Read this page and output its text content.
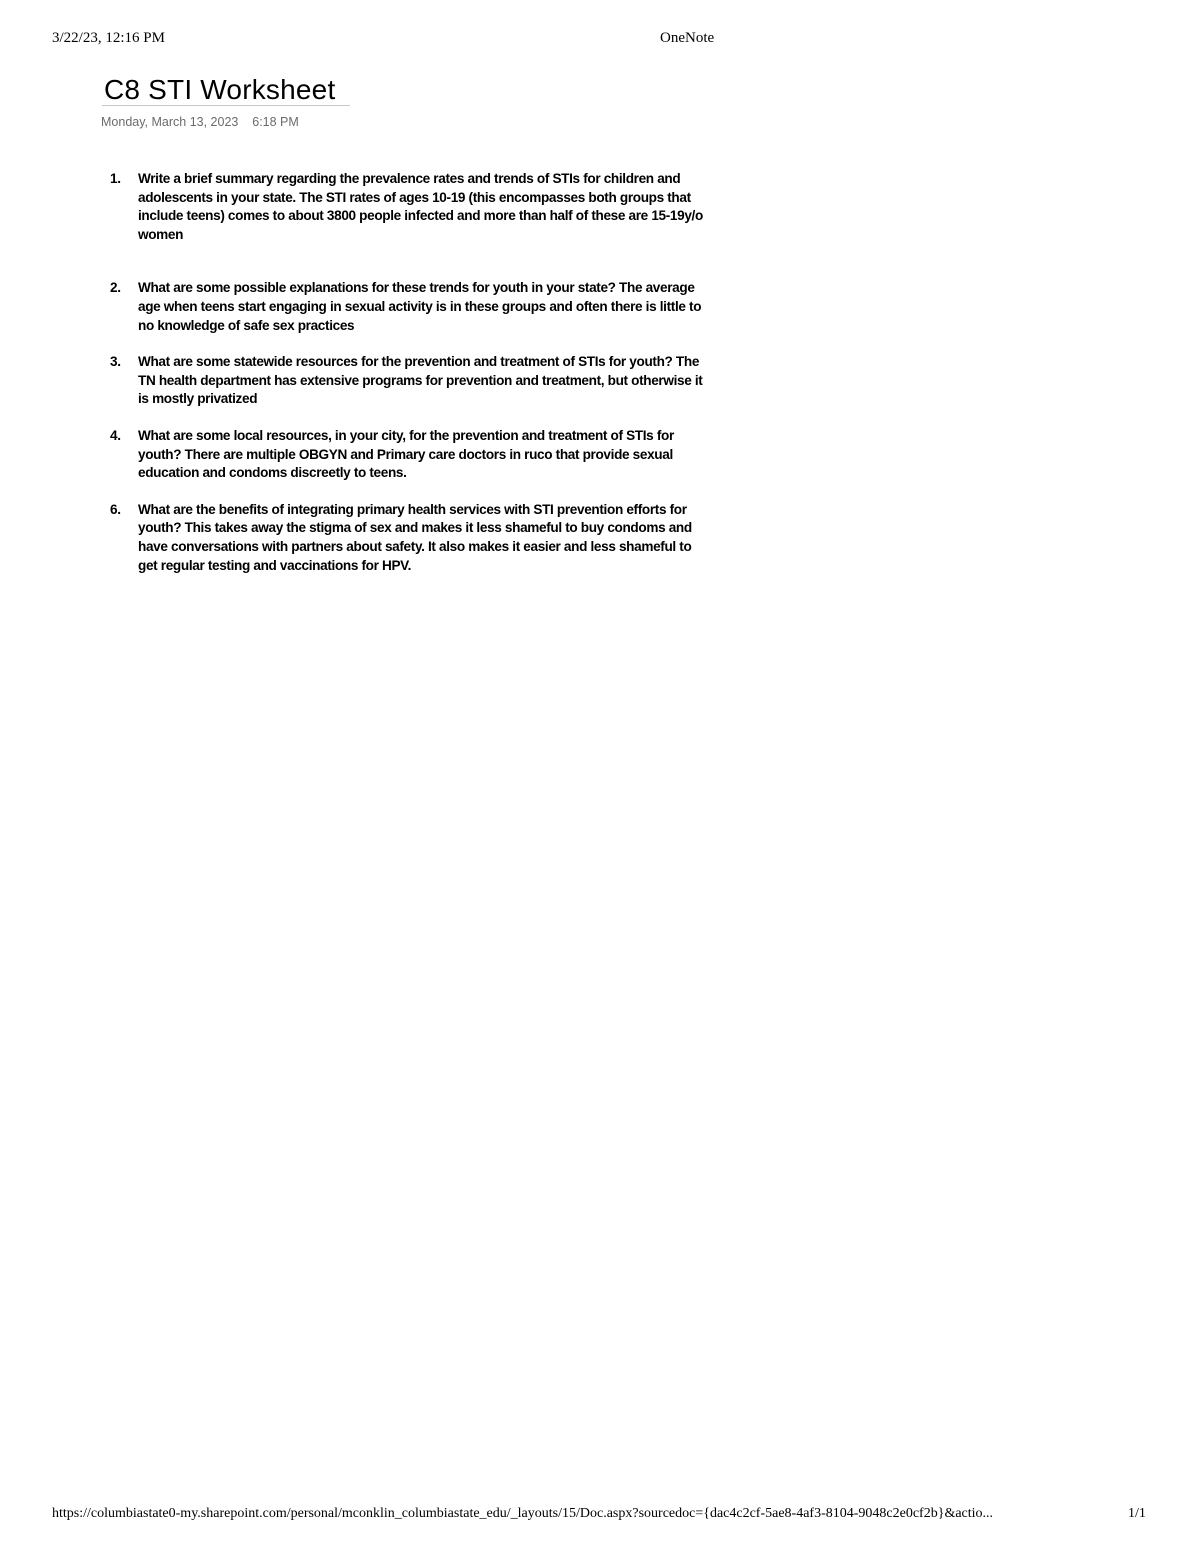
3/22/23, 12:16 PM	OneNote
C8 STI Worksheet
Monday, March 13, 2023    6:18 PM
1. Write a brief summary regarding the prevalence rates and trends of STIs for children and adolescents in your state. The STI rates of ages 10-19 (this encompasses both groups that include teens) comes to about 3800 people infected and more than half of these are 15-19y/o women
2. What are some possible explanations for these trends for youth in your state? The average age when teens start engaging in sexual activity is in these groups and often there is little to no knowledge of safe sex practices
3. What are some statewide resources for the prevention and treatment of STIs for youth? The TN health department has extensive programs for prevention and treatment, but otherwise it is mostly privatized
4. What are some local resources, in your city, for the prevention and treatment of STIs for youth? There are multiple OBGYN and Primary care doctors in ruco that provide sexual education and condoms discreetly to teens.
6. What are the benefits of integrating primary health services with STI prevention efforts for youth? This takes away the stigma of sex and makes it less shameful to buy condoms and have conversations with partners about safety. It also makes it easier and less shameful to get regular testing and vaccinations for HPV.
https://columbiastate0-my.sharepoint.com/personal/mconklin_columbiastate_edu/_layouts/15/Doc.aspx?sourcedoc={dac4c2cf-5ae8-4af3-8104-9048c2e0cf2b}&actio...	1/1
